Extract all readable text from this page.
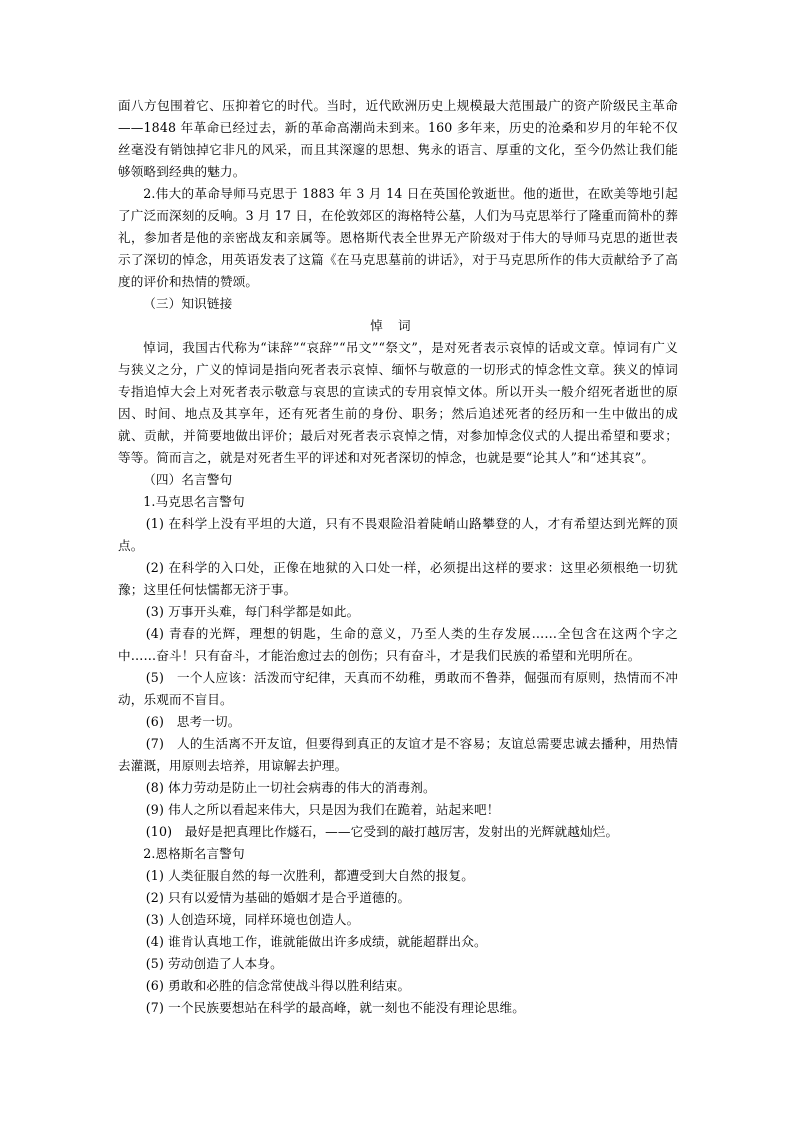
面八方包围着它、压抑着它的时代。当时，近代欧洲历史上规模最大范围最广的资产阶级民主革命——1848 年革命已经过去，新的革命高潮尚未到来。160 多年来，历史的沧桑和岁月的年轮不仅丝毫没有销蚀掉它非凡的风采，而且其深邃的思想、隽永的语言、厚重的文化，至今仍然让我们能够领略到经典的魅力。

2.伟大的革命导师马克思于 1883 年 3 月 14 日在英国伦敦逝世。他的逝世，在欧美等地引起了广泛而深刻的反响。3 月 17 日，在伦敦郊区的海格特公墓，人们为马克思举行了隆重而简朴的葬礼，参加者是他的亲密战友和亲属等。恩格斯代表全世界无产阶级对于伟大的导师马克思的逝世表示了深切的悼念，用英语发表了这篇《在马克思墓前的讲话》，对于马克思所作的伟大贡献给予了高度的评价和热情的赞颂。

（三）知识链接

悼词

悼词，我国古代称为“诔辞”“哀辞”“吊文”“祭文”，是对死者表示哀悼的话或文章。悼词有广义与狭义之分，广义的悼词是指向死者表示哀悼、缅怀与敬意的一切形式的悼念性文章。狭义的悼词专指追悼大会上对死者表示敬意与哀思的宣读式的专用哀悼文体。所以开头一般介绍死者逝世的原因、时间、地点及其享年，还有死者生前的身份、职务；然后追述死者的经历和一生中做出的成就、贡献，并简要地做出评价；最后对死者表示哀悼之情，对参加悼念仪式的人提出希望和要求；等等。简而言之，就是对死者生平的评述和对死者深切的悼念，也就是要“论其人”和“述其哀”。

（四）名言警句

1.马克思名言警句

(1) 在科学上没有平坦的大道，只有不畏艰险沿着陡峭山路攀登的人，才有希望达到光辉的顶点。

(2) 在科学的入口处，正像在地狱的入口处一样，必须提出这样的要求：这里必须根绝一切犹豫；这里任何怯懦都无济于事。

(3) 万事开头难，每门科学都是如此。

(4) 青春的光辉，理想的钥匙，生命的意义，乃至人类的生存发展……全包含在这两个字之中……奋斗！只有奋斗，才能治愈过去的创伤；只有奋斗，才是我们民族的希望和光明所在。

(5)　一个人应该：活泼而守纪律，天真而不幼稚，勇敢而不鲁莽，倔强而有原则，热情而不冲动，乐观而不盲目。

(6)　思考一切。

(7)　人的生活离不开友谊，但要得到真正的友谊才是不容易；友谊总需要忠诚去播种，用热情去灌溉，用原则去培养，用谅解去护理。

(8) 体力劳动是防止一切社会病毒的伟大的消毒剂。

(9) 伟人之所以看起来伟大，只是因为我们在跪着，站起来吧！

(10)　最好是把真理比作燧石，——它受到的敲打越厉害，发射出的光辉就越灿烂。

2.恩格斯名言警句

(1) 人类征服自然的每一次胜利，都遭受到大自然的报复。

(2) 只有以爱情为基础的婚姻才是合乎道德的。

(3) 人创造环境，同样环境也创造人。

(4) 谁肯认真地工作，谁就能做出许多成绩，就能超群出众。

(5) 劳动创造了人本身。

(6) 勇敢和必胜的信念常使战斗得以胜利结束。

(7) 一个民族要想站在科学的最高峰，就一刻也不能没有理论思维。
